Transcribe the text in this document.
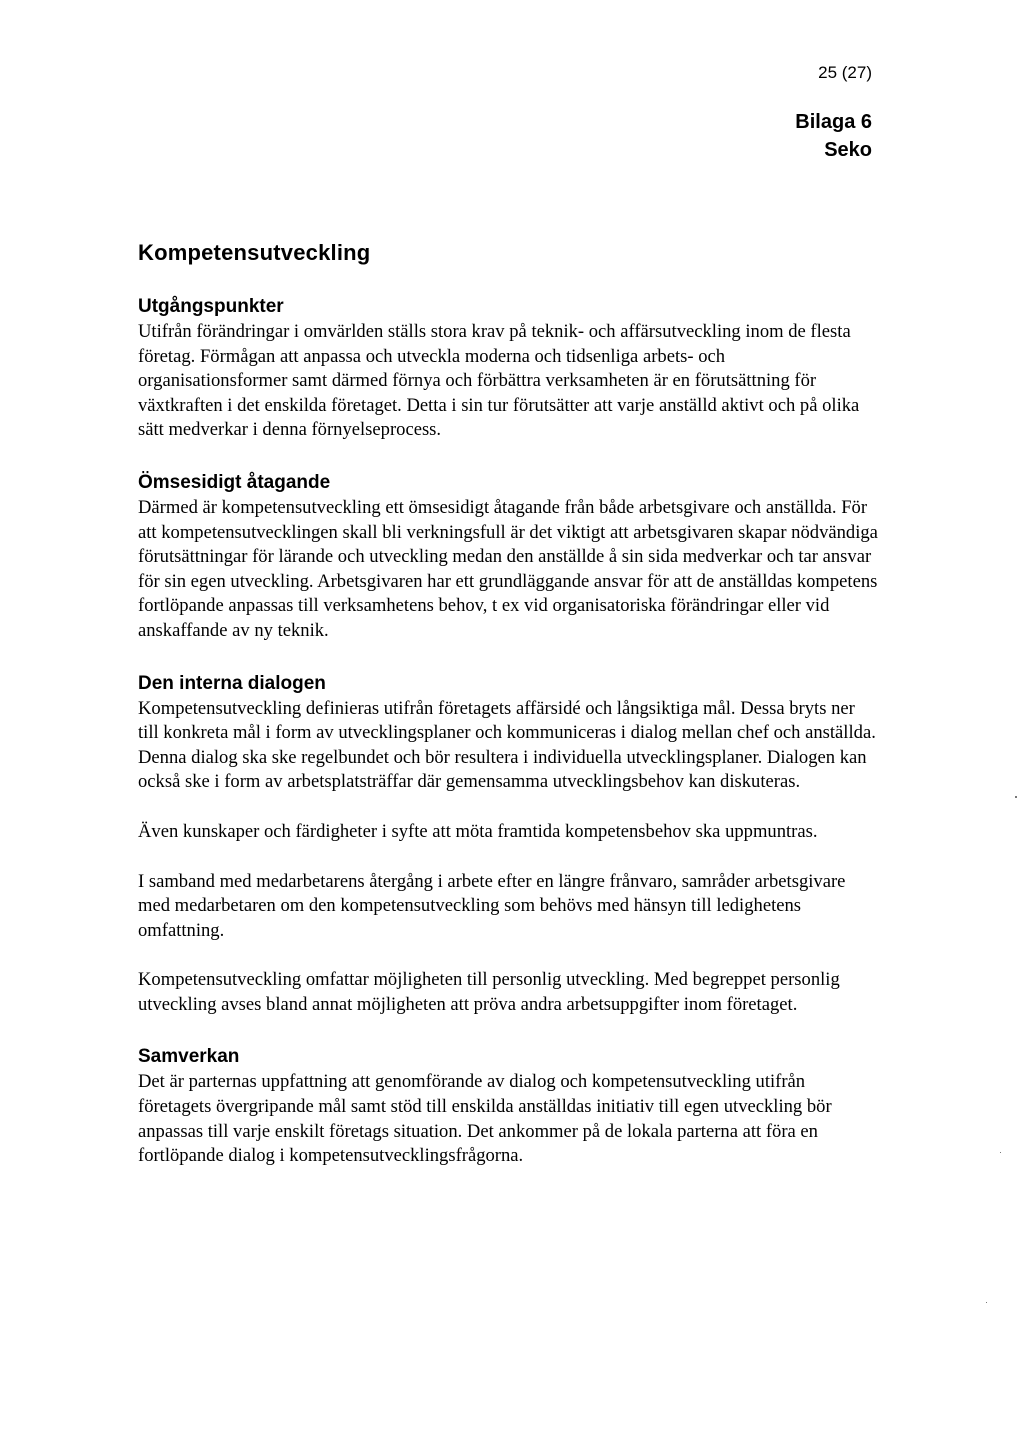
25 (27)

Bilaga 6

Seko

Kompetensutveckling
Utgångspunkter

Utifrån förändringar i omvärlden ställs stora krav på teknik- och affärsutveckling inom de flesta företag. Förmågan att anpassa och utveckla moderna och tidsenliga arbets- och organisationsformer samt därmed förnya och förbättra verksamheten är en förutsättning för växtkraften i det enskilda företaget. Detta i sin tur förutsätter att varje anställd aktivt och på olika sätt medverkar i denna förnyelseprocess.

Ömsesidigt åtagande

Därmed är kompetensutveckling ett ömsesidigt åtagande från både arbetsgivare och anställda. För att kompetensutvecklingen skall bli verkningsfull är det viktigt att arbetsgivaren skapar nödvändiga förutsättningar för lärande och utveckling medan den anställde å sin sida medverkar och tar ansvar för sin egen utveckling. Arbetsgivaren har ett grundläggande ansvar för att de anställdas kompetens fortlöpande anpassas till verksamhetens behov, t ex vid organisatoriska förändringar eller vid anskaffande av ny teknik.

Den interna dialogen

Kompetensutveckling definieras utifrån företagets affärsidé och långsiktiga mål. Dessa bryts ner till konkreta mål i form av utvecklingsplaner och kommuniceras i dialog mellan chef och anställda. Denna dialog ska ske regelbundet och bör resultera i individuella utvecklingsplaner. Dialogen kan också ske i form av arbetsplatsträffar där gemensamma utvecklingsbehov kan diskuteras.

Även kunskaper och färdigheter i syfte att möta framtida kompetensbehov ska uppmuntras.

I samband med medarbetarens återgång i arbete efter en längre frånvaro, samråder arbetsgivare med medarbetaren om den kompetensutveckling som behövs med hänsyn till ledighetens omfattning.

Kompetensutveckling omfattar möjligheten till personlig utveckling. Med begreppet personlig utveckling avses bland annat möjligheten att pröva andra arbetsuppgifter inom företaget.

Samverkan

Det är parternas uppfattning att genomförande av dialog och kompetensutveckling utifrån företagets övergripande mål samt stöd till enskilda anställdas initiativ till egen utveckling bör anpassas till varje enskilt företags situation. Det ankommer på de lokala parterna att föra en fortlöpande dialog i kompetensutvecklingsfrågorna.
